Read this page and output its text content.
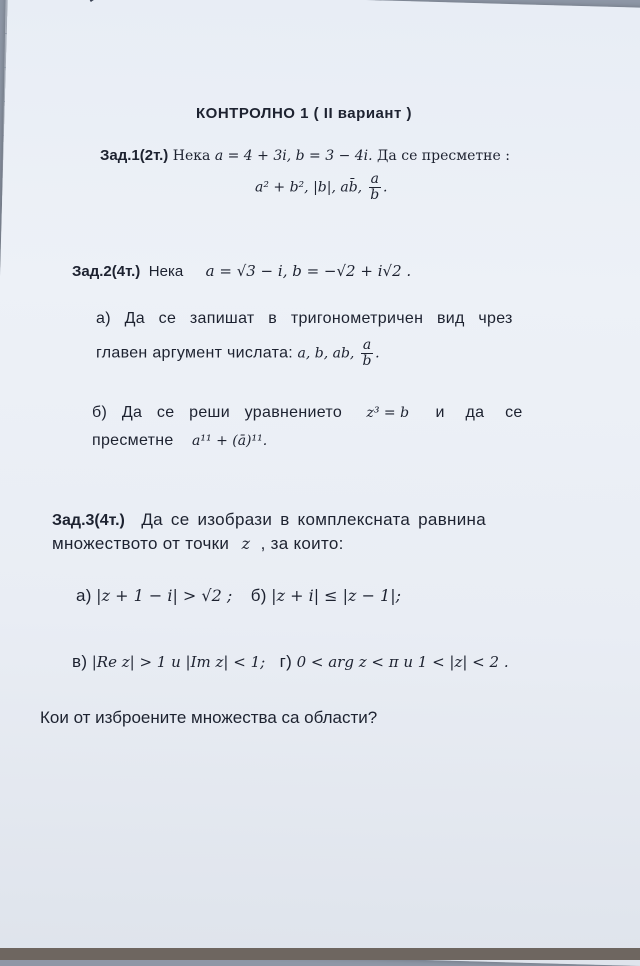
КОНТРОЛНО 1 ( II вариант )
Зад.1(2т.) Нека a = 4 + 3i, b = 3 − 4i. Да се пресметне :
a² + b², |b|, ab̄, $\frac{a}{b}$ .
Зад.2(4т.) Нека a = √3 − i, b = −√2 + i√2 .
а) Да се запишат в тригонометричен вид чрез
главен аргумент числата: a, b, ab, $\frac{a}{b}$ .
б) Да се реши уравнението z³ = b и да се
пресметне a¹¹ + (ā)¹¹.
Зад.3(4т.) Да се изобрази в комплексната равнина
множеството от точки z , за които:
а) |z + 1 − i| > √2 ; б) |z + i| ≤ |z − 1|;
в) |Re z| > 1 u |Im z| < 1; г) 0 < arg z < π u 1 < |z| < 2 .
Кои от изброените множества са области?
